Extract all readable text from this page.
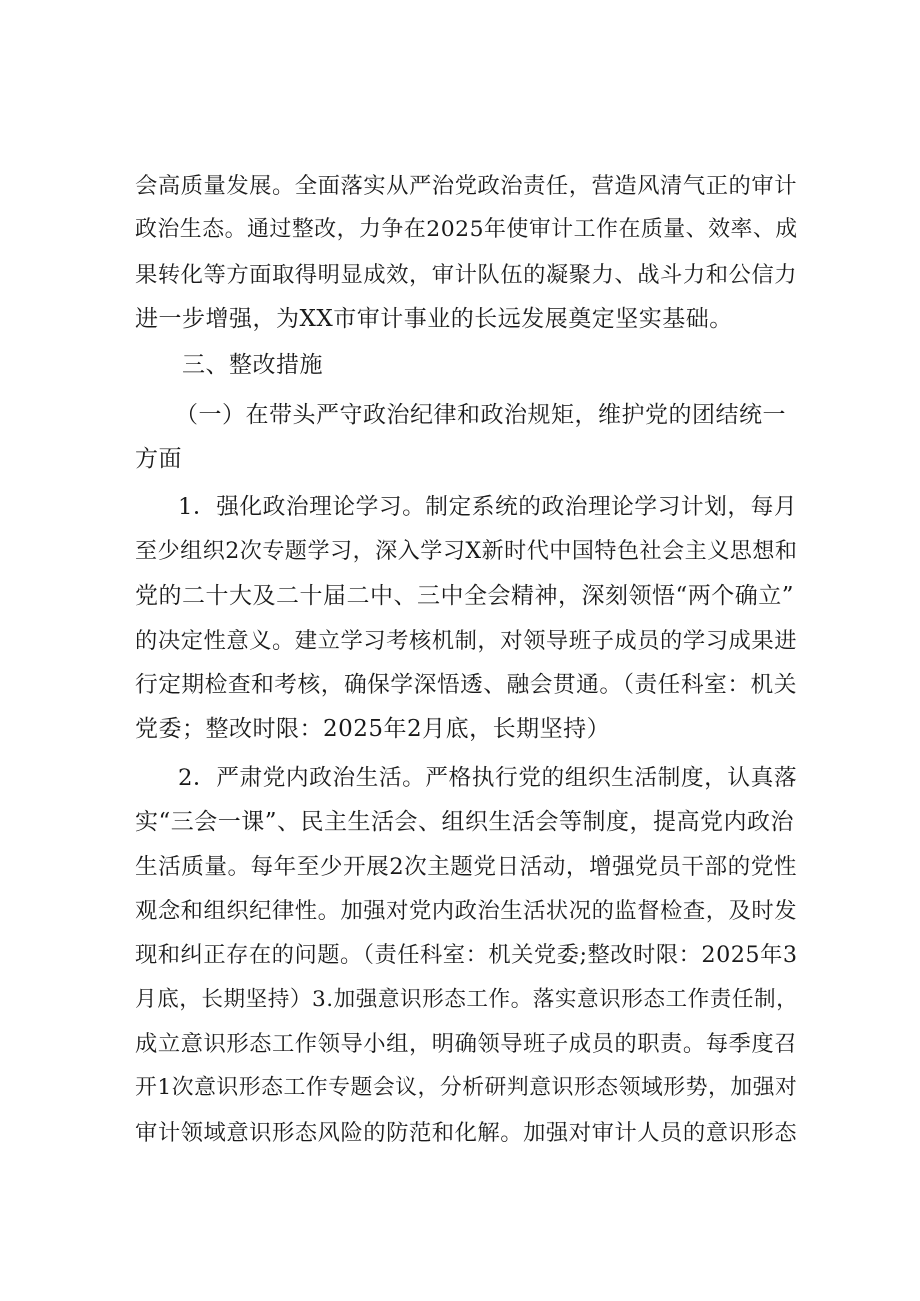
会高质量发展。全面落实从严治党政治责任，营造风清气正的审计
政治生态。通过整改，力争在2025年使审计工作在质量、效率、成
果转化等方面取得明显成效，审计队伍的凝聚力、战斗力和公信力
进一步增强，为XX市审计事业的长远发展奠定坚实基础。
三、整改措施
（一）在带头严守政治纪律和政治规矩，维护党的团结统一
方面
1．强化政治理论学习。制定系统的政治理论学习计划，每月
至少组织2次专题学习，深入学习X新时代中国特色社会主义思想和
党的二十大及二十届二中、三中全会精神，深刻领悟“两个确立”
的决定性意义。建立学习考核机制，对领导班子成员的学习成果进
行定期检查和考核，确保学深悟透、融会贯通。（责任科室：机关
党委；整改时限：2025年2月底，长期坚持）
2．严肃党内政治生活。严格执行党的组织生活制度，认真落
实“三会一课”、民主生活会、组织生活会等制度，提高党内政治
生活质量。每年至少开展2次主题党日活动，增强党员干部的党性
观念和组织纪律性。加强对党内政治生活状况的监督检查，及时发
现和纠正存在的问题。（责任科室：机关党委;整改时限：2025年3
月底，长期坚持）3.加强意识形态工作。落实意识形态工作责任制，
成立意识形态工作领导小组，明确领导班子成员的职责。每季度召
开1次意识形态工作专题会议，分析研判意识形态领域形势，加强对
审计领域意识形态风险的防范和化解。加强对审计人员的意识形态
